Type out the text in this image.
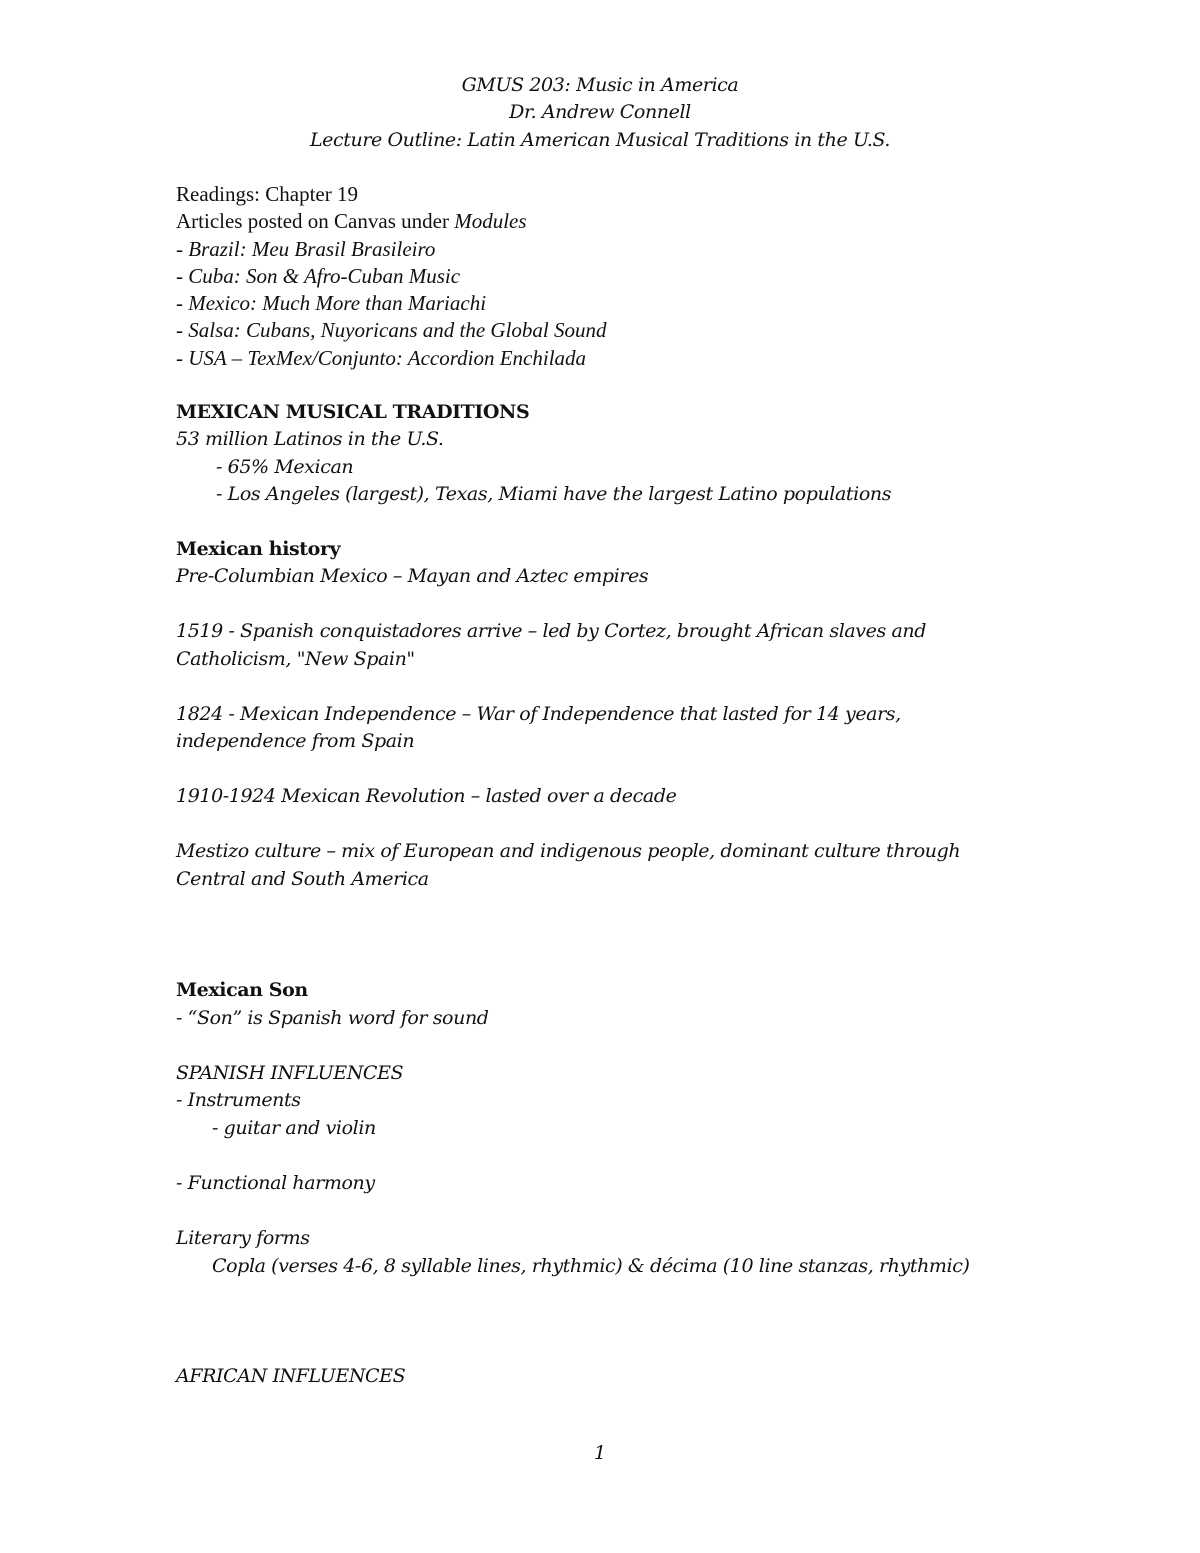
GMUS 203: Music in America
Dr. Andrew Connell
Lecture Outline: Latin American Musical Traditions in the U.S.
Readings: Chapter 19
Articles posted on Canvas under Modules
- Brazil: Meu Brasil Brasileiro
- Cuba: Son & Afro-Cuban Music
- Mexico: Much More than Mariachi
- Salsa: Cubans, Nuyoricans and the Global Sound
- USA – TexMex/Conjunto: Accordion Enchilada
MEXICAN MUSICAL TRADITIONS
53 million Latinos in the U.S.
- 65% Mexican
- Los Angeles (largest), Texas, Miami have the largest Latino populations
Mexican history
Pre-Columbian Mexico – Mayan and Aztec empires
1519 - Spanish conquistadores arrive – led by Cortez, brought African slaves and
Catholicism, "New Spain"
1824 - Mexican Independence – War of Independence that lasted for 14 years,
independence from Spain
1910-1924 Mexican Revolution – lasted over a decade
Mestizo culture – mix of European and indigenous people, dominant culture through
Central and South America
Mexican Son
- “Son” is Spanish word for sound
SPANISH INFLUENCES
- Instruments
- guitar and violin
- Functional harmony
Literary forms
Copla (verses 4-6, 8 syllable lines, rhythmic) & décima (10 line stanzas, rhythmic)
AFRICAN INFLUENCES
1
